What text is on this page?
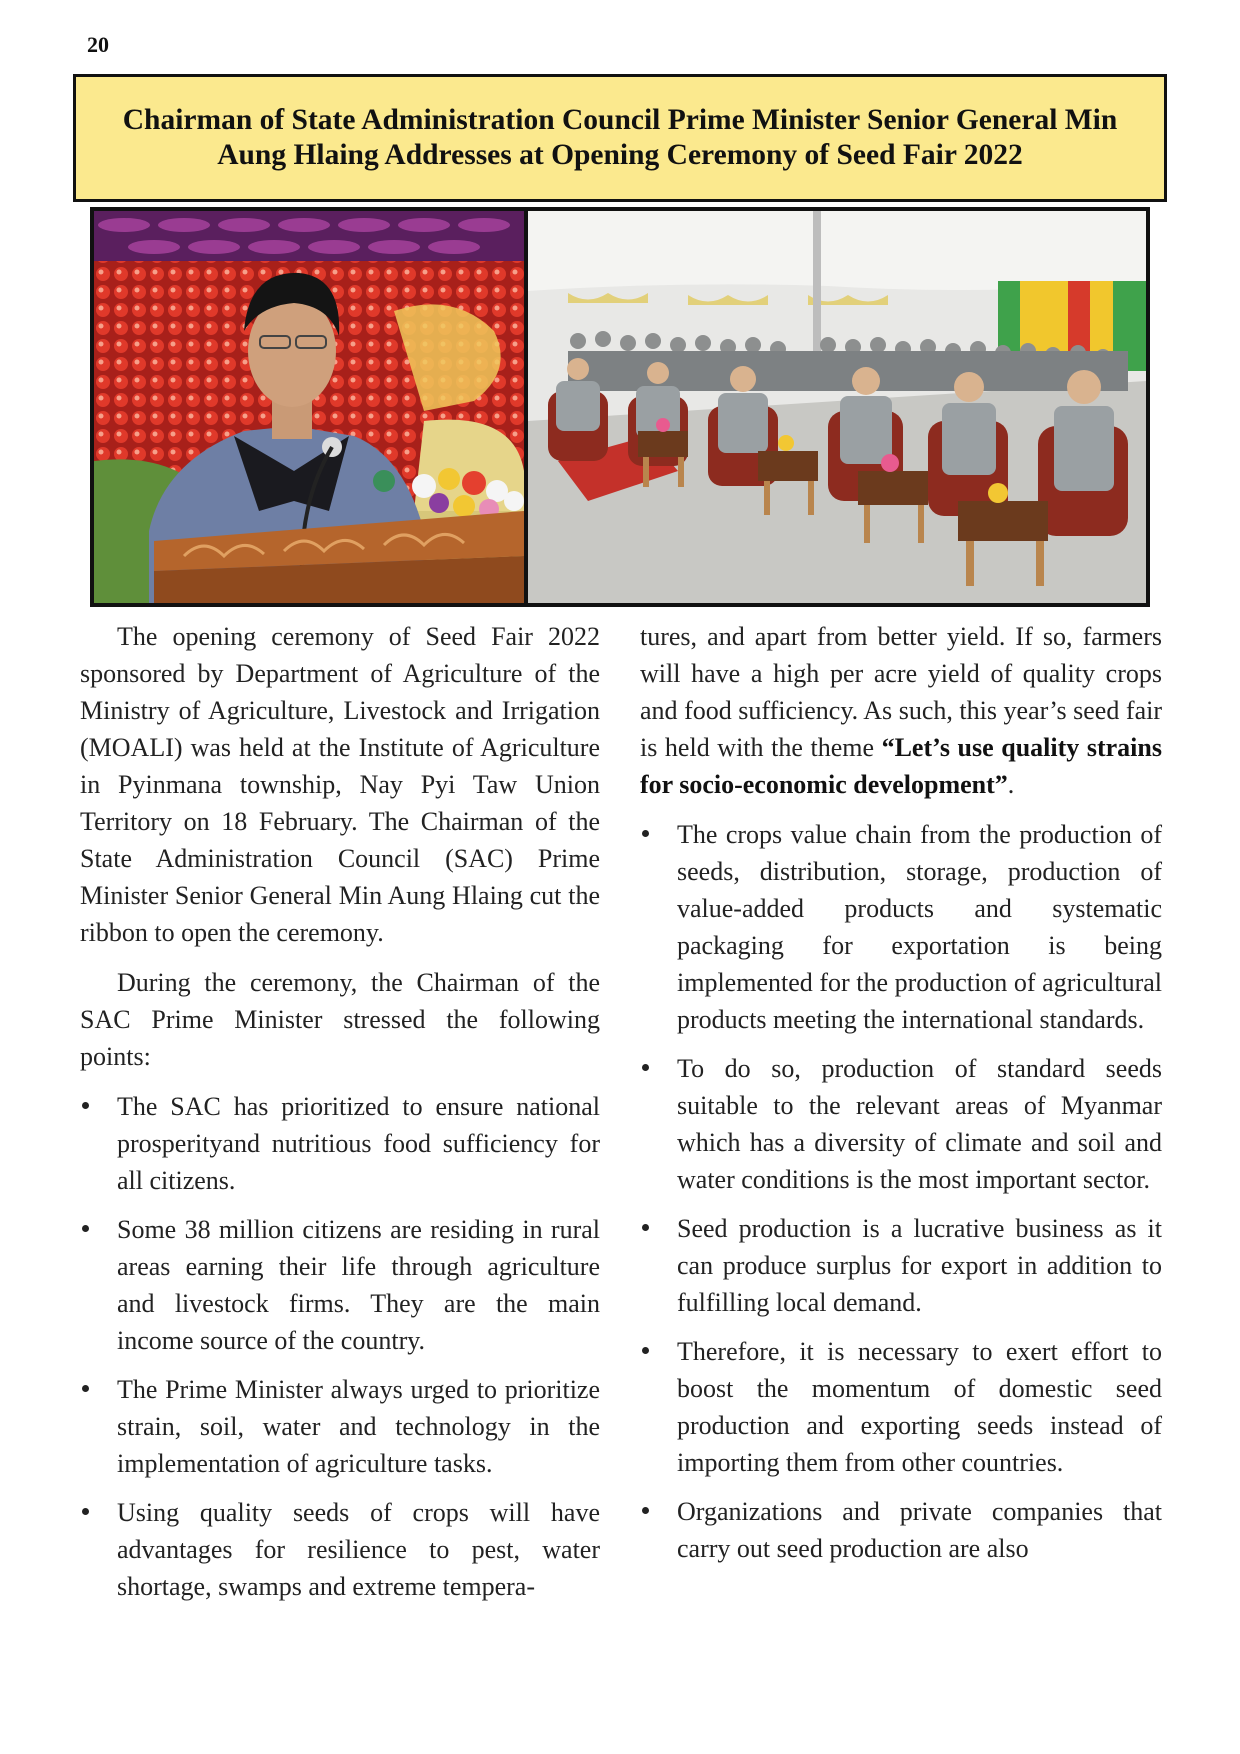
20
Chairman of State Administration Council Prime Minister Senior General Min Aung Hlaing Addresses at Opening Ceremony of Seed Fair 2022

The opening ceremony of Seed Fair 2022 sponsored by Department of Agriculture of the Ministry of Agriculture, Livestock and Irrigation (MOALI) was held at the Institute of Agriculture in Pyinmana township, Nay Pyi Taw Union Territory on 18 February. The Chairman of the State Administration Council (SAC) Prime Minister Senior General Min Aung Hlaing cut the ribbon to open the ceremony.

During the ceremony, the Chairman of the SAC Prime Minister stressed the following points:

The SAC has prioritized to ensure national prosperityand nutritious food sufficiency for all citizens.
Some 38 million citizens are residing in rural areas earning their life through agriculture and livestock firms. They are the main income source of the country.
The Prime Minister always urged to prioritize strain, soil, water and technology in the implementation of agriculture tasks.
Using quality seeds of crops will have advantages for resilience to pest, water shortage, swamps and extreme tempera-

tures, and apart from better yield. If so, farmers will have a high per acre yield of quality crops and food sufficiency. As such, this year’s seed fair is held with the theme “Let’s use quality strains for socio-economic development”.

The crops value chain from the production of seeds, distribution, storage, production of value-added products and systematic packaging for exportation is being implemented for the production of agricultural products meeting the international standards.
To do so, production of standard seeds suitable to the relevant areas of Myanmar which has a diversity of climate and soil and water conditions is the most important sector.
Seed production is a lucrative business as it can produce surplus for export in addition to fulfilling local demand.
Therefore, it is necessary to exert effort to boost the momentum of domestic seed production and exporting seeds instead of importing them from other countries.
Organizations and private companies that carry out seed production are also
